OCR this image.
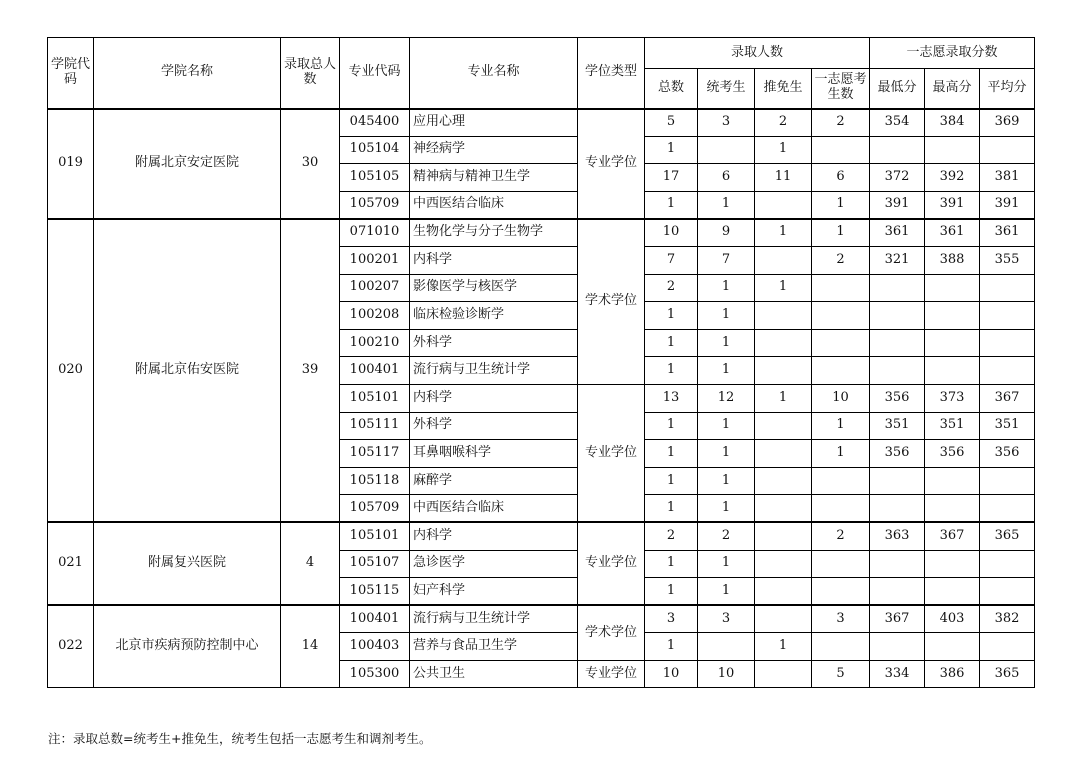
学院代码	学院名称	录取总人数	专业代码	专业名称	学位类型	录取人数				一志愿录取分数		
						总数	统考生	推免生	一志愿考生数	最低分	最高分	平均分
019	附属北京安定医院	30	045400	应用心理	专业学位	5	3	2	2	354	384	369
			105104	神经病学		1		1				
			105105	精神病与精神卫生学		17	6	11	6	372	392	381
			105709	中西医结合临床		1	1		1	391	391	391
020	附属北京佑安医院	39	071010	生物化学与分子生物学	学术学位	10	9	1	1	361	361	361
			100201	内科学		7	7		2	321	388	355
			100207	影像医学与核医学		2	1	1				
			100208	临床检验诊断学		1	1					
			100210	外科学		1	1					
			100401	流行病与卫生统计学		1	1					
			105101	内科学	专业学位	13	12	1	10	356	373	367
			105111	外科学		1	1		1	351	351	351
			105117	耳鼻咽喉科学		1	1		1	356	356	356
			105118	麻醉学		1	1					
			105709	中西医结合临床		1	1					
021	附属复兴医院	4	105101	内科学	专业学位	2	2		2	363	367	365
			105107	急诊医学		1	1					
			105115	妇产科学		1	1					
022	北京市疾病预防控制中心	14	100401	流行病与卫生统计学	学术学位	3	3		3	367	403	382
			100403	营养与食品卫生学		1		1				
			105300	公共卫生	专业学位	10	10		5	334	386	365
注：录取总数=统考生+推免生，统考生包括一志愿考生和调剂考生。
